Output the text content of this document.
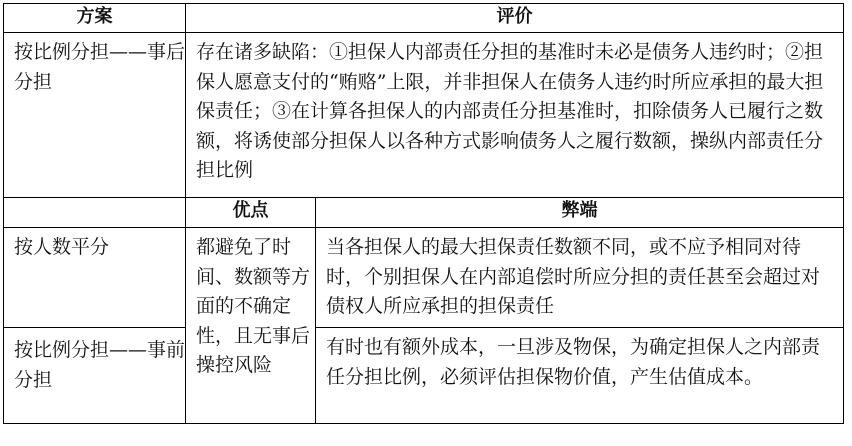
方案	评价	
按比例分担——事后分担	存在诸多缺陷：①担保人内部责任分担的基准时未必是债务人违约时；②担保人愿意支付的“贿赂”上限，并非担保人在债务人违约时所应承担的最大担保责任；③在计算各担保人的内部责任分担基准时，扣除债务人已履行之数额，将诱使部分担保人以各种方式影响债务人之履行数额，操纵内部责任分担比例	
	优点	弊端
按人数平分	都避免了时间、数额等方面的不确定性，且无事后操控风险	当各担保人的最大担保责任数额不同，或不应予相同对待时，个别担保人在内部追偿时所应分担的责任甚至会超过对债权人所应承担的担保责任
按比例分担——事前分担		有时也有额外成本，一旦涉及物保，为确定担保人之内部责任分担比例，必须评估担保物价值，产生估值成本。
